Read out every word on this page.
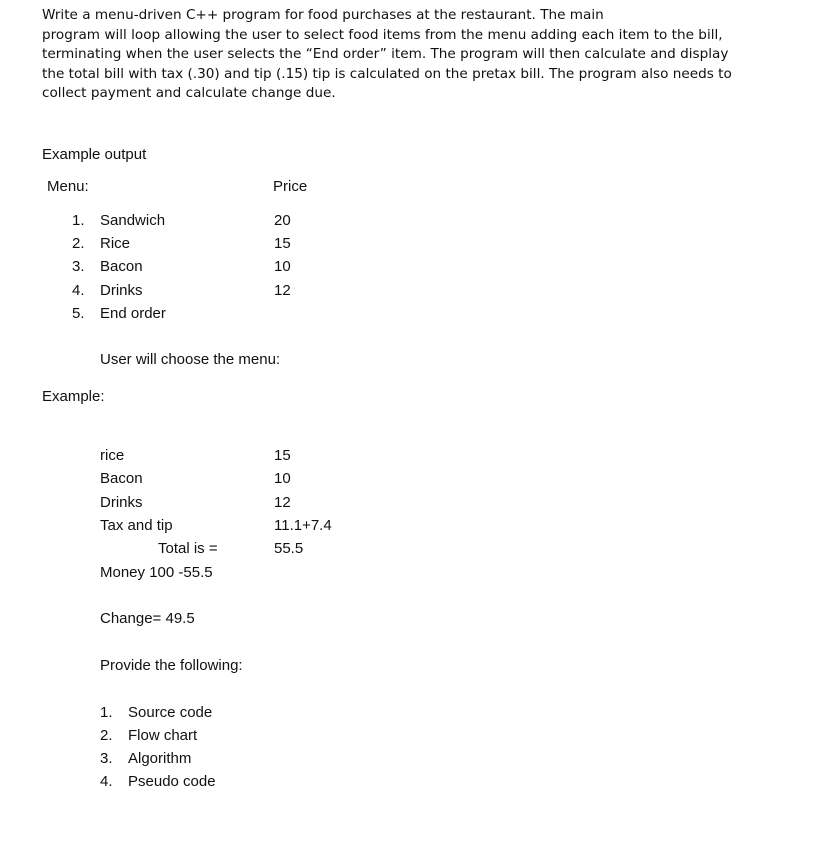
Write a menu-driven C++ program for food purchases at the restaurant. The main
program will loop allowing the user to select food items from the menu adding each item to the bill,
terminating when the user selects the “End order” item. The program will then calculate and display
the total bill with tax (.30) and tip (.15) tip is calculated on the pretax bill. The program also needs to
collect payment and calculate change due.
Example output
Menu:	Price
1. Sandwich	20
2. Rice	15
3. Bacon	10
4. Drinks	12
5. End order
User will choose the menu:
Example:
rice	15
Bacon	10
Drinks	12
Tax and tip	11.1+7.4
Total is =	55.5
Money 100 -55.5
Change= 49.5
Provide the following:
1. Source code
2. Flow chart
3. Algorithm
4. Pseudo code
